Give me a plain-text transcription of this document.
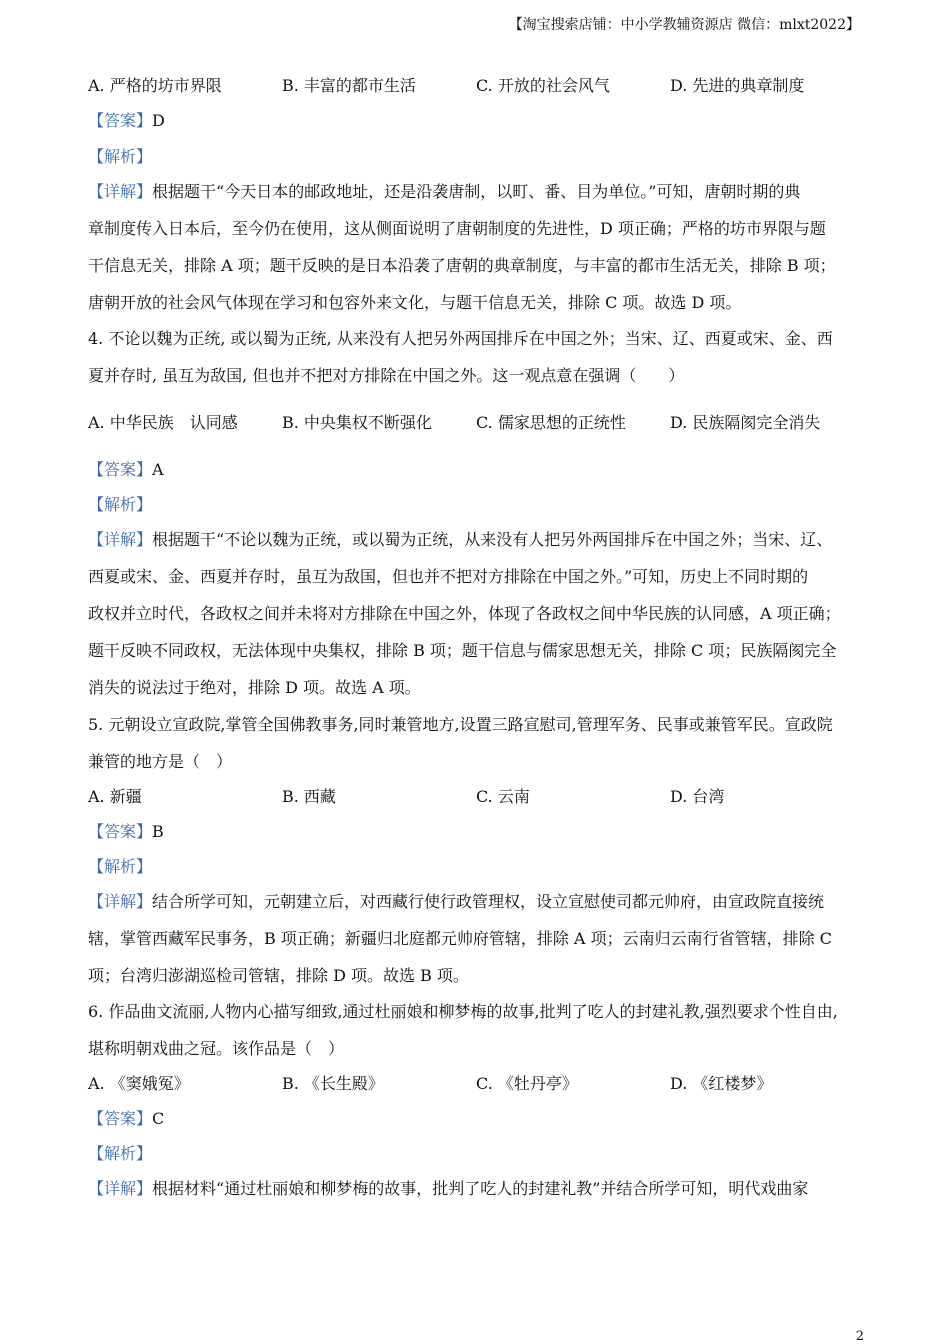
【淘宝搜索店铺：中小学教辅资源店 微信：mlxt2022】
A. 严格的坊市界限	B. 丰富的都市生活	C. 开放的社会风气	D. 先进的典章制度
【答案】D
【解析】
【详解】根据题干“今天日本的邮政地址，还是沿袭唐制，以町、番、目为单位。”可知，唐朝时期的典
章制度传入日本后，至今仍在使用，这从侧面说明了唐朝制度的先进性，D 项正确；严格的坊市界限与题
干信息无关，排除 A 项；题干反映的是日本沿袭了唐朝的典章制度，与丰富的都市生活无关，排除 B 项；
唐朝开放的社会风气体现在学习和包容外来文化，与题干信息无关，排除 C 项。故选 D 项。
4. 不论以魏为正统, 或以蜀为正统, 从来没有人把另外两国排斥在中国之外；当宋、辽、西夏或宋、金、西
夏并存时, 虽互为敌国, 但也并不把对方排除在中国之外。这一观点意在强调（　　）
A. 中华民族　认同感	B. 中央集权不断强化	C. 儒家思想的正统性	D. 民族隔阂完全消失
【答案】A
【解析】
【详解】根据题干“不论以魏为正统，或以蜀为正统，从来没有人把另外两国排斥在中国之外；当宋、辽、
西夏或宋、金、西夏并存时，虽互为敌国，但也并不把对方排除在中国之外。”可知，历史上不同时期的
政权并立时代，各政权之间并未将对方排除在中国之外，体现了各政权之间中华民族的认同感，A 项正确；
题干反映不同政权，无法体现中央集权，排除 B 项；题干信息与儒家思想无关，排除 C 项；民族隔阂完全
消失的说法过于绝对，排除 D 项。故选 A 项。
5. 元朝设立宣政院,掌管全国佛教事务,同时兼管地方,设置三路宣慰司,管理军务、民事或兼管军民。宣政院
兼管的地方是（　）
A. 新疆	B. 西藏	C. 云南	D. 台湾
【答案】B
【解析】
【详解】结合所学可知，元朝建立后，对西藏行使行政管理权，设立宣慰使司都元帅府，由宣政院直接统
辖，掌管西藏军民事务，B 项正确；新疆归北庭都元帅府管辖，排除 A 项；云南归云南行省管辖，排除 C
项；台湾归澎湖巡检司管辖，排除 D 项。故选 B 项。
6. 作品曲文流丽,人物内心描写细致,通过杜丽娘和柳梦梅的故事,批判了吃人的封建礼教,强烈要求个性自由,
堪称明朝戏曲之冠。该作品是（　）
A. 《窦娥冤》	B. 《长生殿》	C. 《牡丹亭》	D. 《红楼梦》
【答案】C
【解析】
【详解】根据材料“通过杜丽娘和柳梦梅的故事，批判了吃人的封建礼教”并结合所学可知，明代戏曲家
2
